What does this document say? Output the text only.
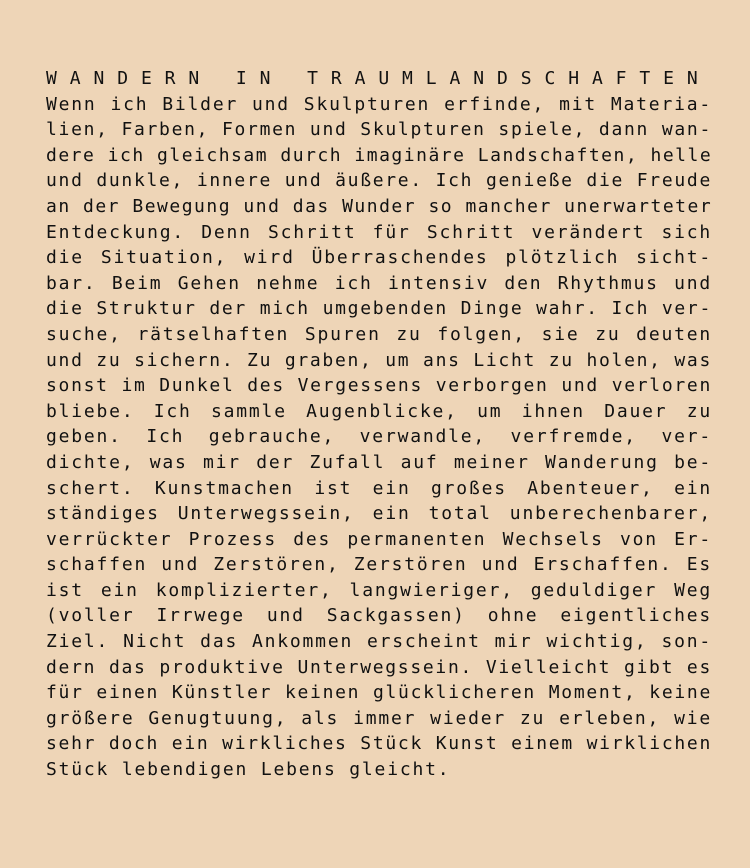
WANDERN IN TRAUMLANDSCHAFTEN
Wenn ich Bilder und Skulpturen erfinde, mit Materia-
lien, Farben, Formen und Skulpturen spiele, dann wan-
dere ich gleichsam durch imaginäre Landschaften, helle
und dunkle, innere und äußere. Ich genieße die Freude
an der Bewegung und das Wunder so mancher unerwarteter
Entdeckung. Denn Schritt für Schritt verändert sich
die Situation, wird Überraschendes plötzlich sicht-
bar. Beim Gehen nehme ich intensiv den Rhythmus und
die Struktur der mich umgebenden Dinge wahr. Ich ver-
suche, rätselhaften Spuren zu folgen, sie zu deuten
und zu sichern. Zu graben, um ans Licht zu holen, was
sonst im Dunkel des Vergessens verborgen und verloren
bliebe. Ich sammle Augenblicke, um ihnen Dauer zu
geben. Ich gebrauche, verwandle, verfremde, ver-
dichte, was mir der Zufall auf meiner Wanderung be-
schert. Kunstmachen ist ein großes Abenteuer, ein
ständiges Unterwegssein, ein total unberechenbarer,
verrückter Prozess des permanenten Wechsels von Er-
schaffen und Zerstören, Zerstören und Erschaffen. Es
ist ein komplizierter, langwieriger, geduldiger Weg
(voller Irrwege und Sackgassen) ohne eigentliches
Ziel. Nicht das Ankommen erscheint mir wichtig, son-
dern das produktive Unterwegssein. Vielleicht gibt es
für einen Künstler keinen glücklicheren Moment, keine
größere Genugtuung, als immer wieder zu erleben, wie
sehr doch ein wirkliches Stück Kunst einem wirklichen
Stück lebendigen Lebens gleicht.
